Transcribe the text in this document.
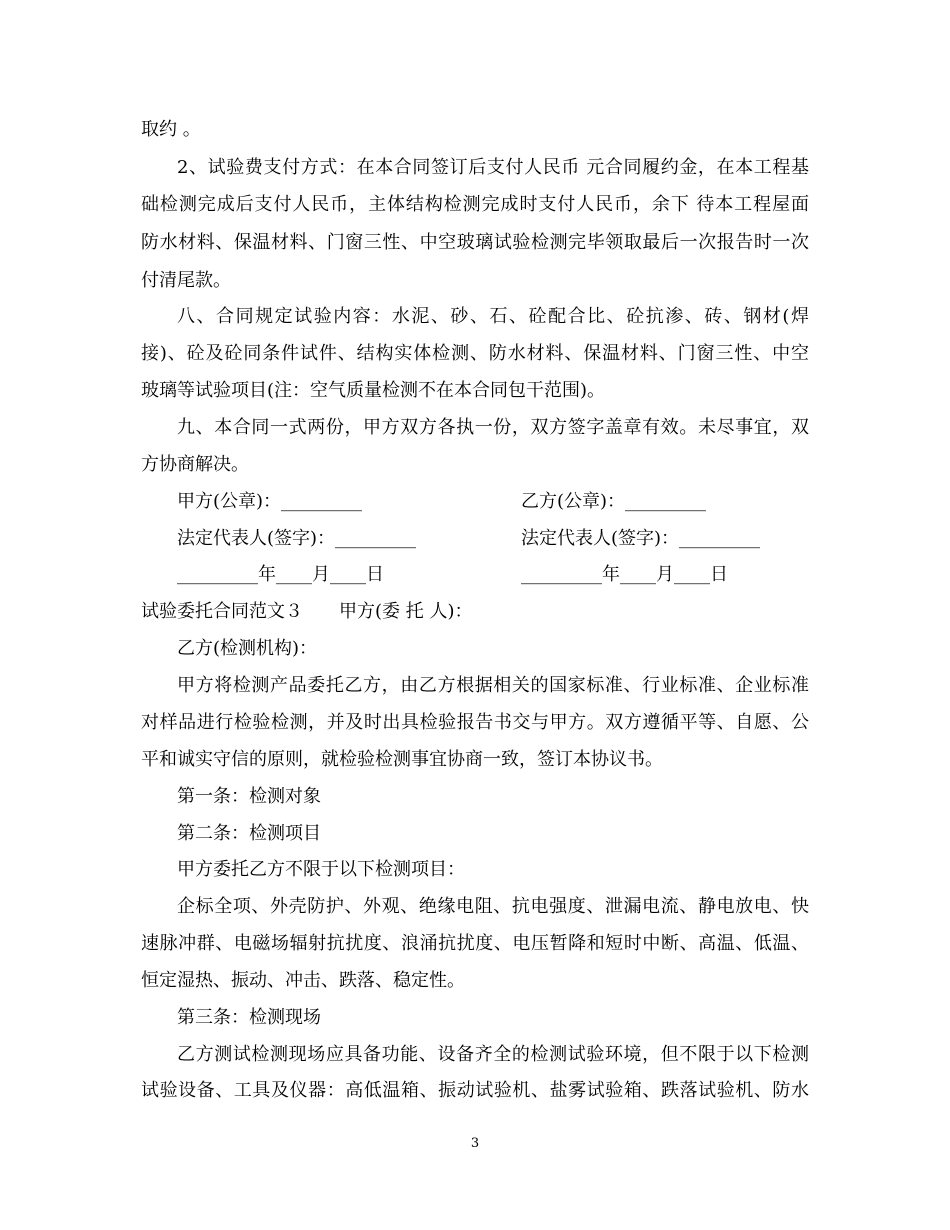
取约 。
2、试验费支付方式：在本合同签订后支付人民币 元合同履约金，在本工程基
础检测完成后支付人民币，主体结构检测完成时支付人民币，余下 待本工程屋面
防水材料、保温材料、门窗三性、中空玻璃试验检测完毕领取最后一次报告时一次
付清尾款。
八、合同规定试验内容：水泥、砂、石、砼配合比、砼抗渗、砖、钢材(焊
接)、砼及砼同条件试件、结构实体检测、防水材料、保温材料、门窗三性、中空
玻璃等试验项目(注：空气质量检测不在本合同包干范围)。
九、本合同一式两份，甲方双方各执一份，双方签字盖章有效。未尽事宜，双
方协商解决。
甲方(公章)：_________	乙方(公章)：_________
法定代表人(签字)：_________	法定代表人(签字)：_________
_________年____月____日	_________年____月____日
试验委托合同范文３　　甲方(委 托 人)：
乙方(检测机构)：
甲方将检测产品委托乙方，由乙方根据相关的国家标准、行业标准、企业标准
对样品进行检验检测，并及时出具检验报告书交与甲方。双方遵循平等、自愿、公
平和诚实守信的原则，就检验检测事宜协商一致，签订本协议书。
第一条：检测对象
第二条：检测项目
甲方委托乙方不限于以下检测项目：
企标全项、外壳防护、外观、绝缘电阻、抗电强度、泄漏电流、静电放电、快
速脉冲群、电磁场辐射抗扰度、浪涌抗扰度、电压暂降和短时中断、高温、低温、
恒定湿热、振动、冲击、跌落、稳定性。
第三条：检测现场
乙方测试检测现场应具备功能、设备齐全的检测试验环境，但不限于以下检测
试验设备、工具及仪器：高低温箱、振动试验机、盐雾试验箱、跌落试验机、防水
3
